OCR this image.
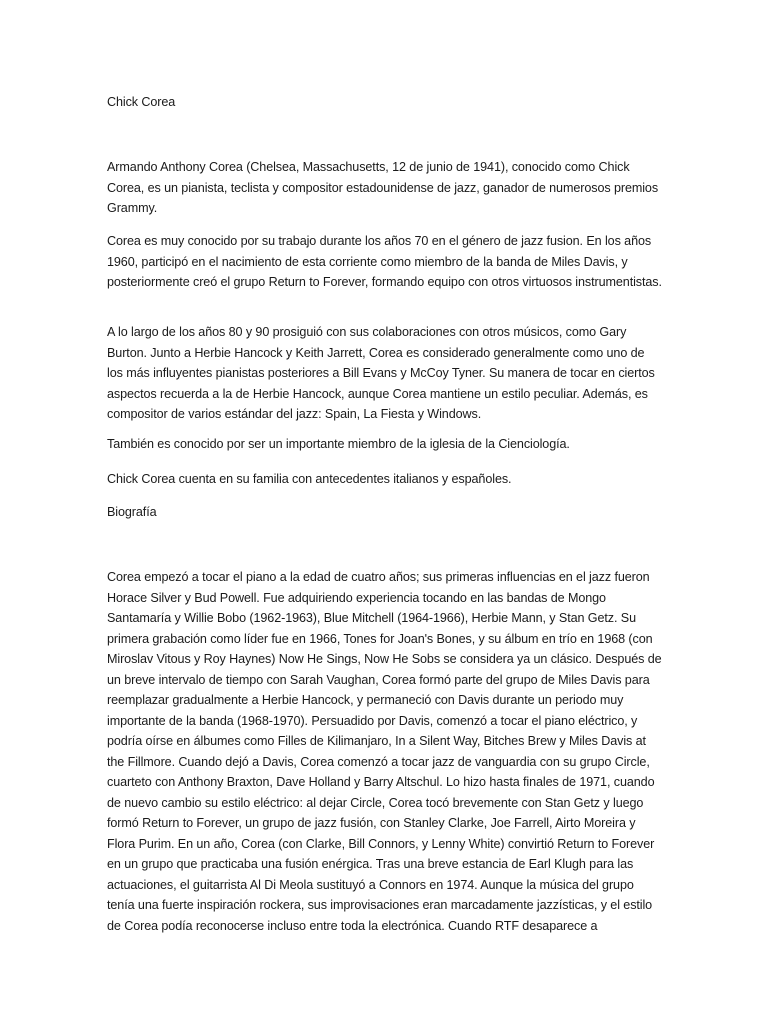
Chick Corea

Armando Anthony Corea (Chelsea, Massachusetts, 12 de junio de 1941), conocido como Chick Corea, es un pianista, teclista y compositor estadounidense de jazz, ganador de numerosos premios Grammy.

Corea es muy conocido por su trabajo durante los años 70 en el género de jazz fusion. En los años 1960, participó en el nacimiento de esta corriente como miembro de la banda de Miles Davis, y posteriormente creó el grupo Return to Forever, formando equipo con otros virtuosos instrumentistas.

A lo largo de los años 80 y 90 prosiguió con sus colaboraciones con otros músicos, como Gary Burton. Junto a Herbie Hancock y Keith Jarrett, Corea es considerado generalmente como uno de los más influyentes pianistas posteriores a Bill Evans y McCoy Tyner. Su manera de tocar en ciertos aspectos recuerda a la de Herbie Hancock, aunque Corea mantiene un estilo peculiar. Además, es compositor de varios estándar del jazz: Spain, La Fiesta y Windows.

También es conocido por ser un importante miembro de la iglesia de la Cienciología.

Chick Corea cuenta en su familia con antecedentes italianos y españoles.

Biografía

Corea empezó a tocar el piano a la edad de cuatro años; sus primeras influencias en el jazz fueron Horace Silver y Bud Powell. Fue adquiriendo experiencia tocando en las bandas de Mongo Santamaría y Willie Bobo (1962-1963), Blue Mitchell (1964-1966), Herbie Mann, y Stan Getz. Su primera grabación como líder fue en 1966, Tones for Joan's Bones, y su álbum en trío en 1968 (con Miroslav Vitous y Roy Haynes) Now He Sings, Now He Sobs se considera ya un clásico. Después de un breve intervalo de tiempo con Sarah Vaughan, Corea formó parte del grupo de Miles Davis para reemplazar gradualmente a Herbie Hancock, y permaneció con Davis durante un periodo muy importante de la banda (1968-1970). Persuadido por Davis, comenzó a tocar el piano eléctrico, y podría oírse en álbumes como Filles de Kilimanjaro, In a Silent Way, Bitches Brew y Miles Davis at the Fillmore. Cuando dejó a Davis, Corea comenzó a tocar jazz de vanguardia con su grupo Circle, cuarteto con Anthony Braxton, Dave Holland y Barry Altschul. Lo hizo hasta finales de 1971, cuando de nuevo cambio su estilo eléctrico: al dejar Circle, Corea tocó brevemente con Stan Getz y luego formó Return to Forever, un grupo de jazz fusión, con Stanley Clarke, Joe Farrell, Airto Moreira y Flora Purim. En un año, Corea (con Clarke, Bill Connors, y Lenny White) convirtió Return to Forever en un grupo que practicaba una fusión enérgica. Tras una breve estancia de Earl Klugh para las actuaciones, el guitarrista Al Di Meola sustituyó a Connors en 1974. Aunque la música del grupo tenía una fuerte inspiración rockera, sus improvisaciones eran marcadamente jazzísticas, y el estilo de Corea podía reconocerse incluso entre toda la electrónica. Cuando RTF desaparece a
